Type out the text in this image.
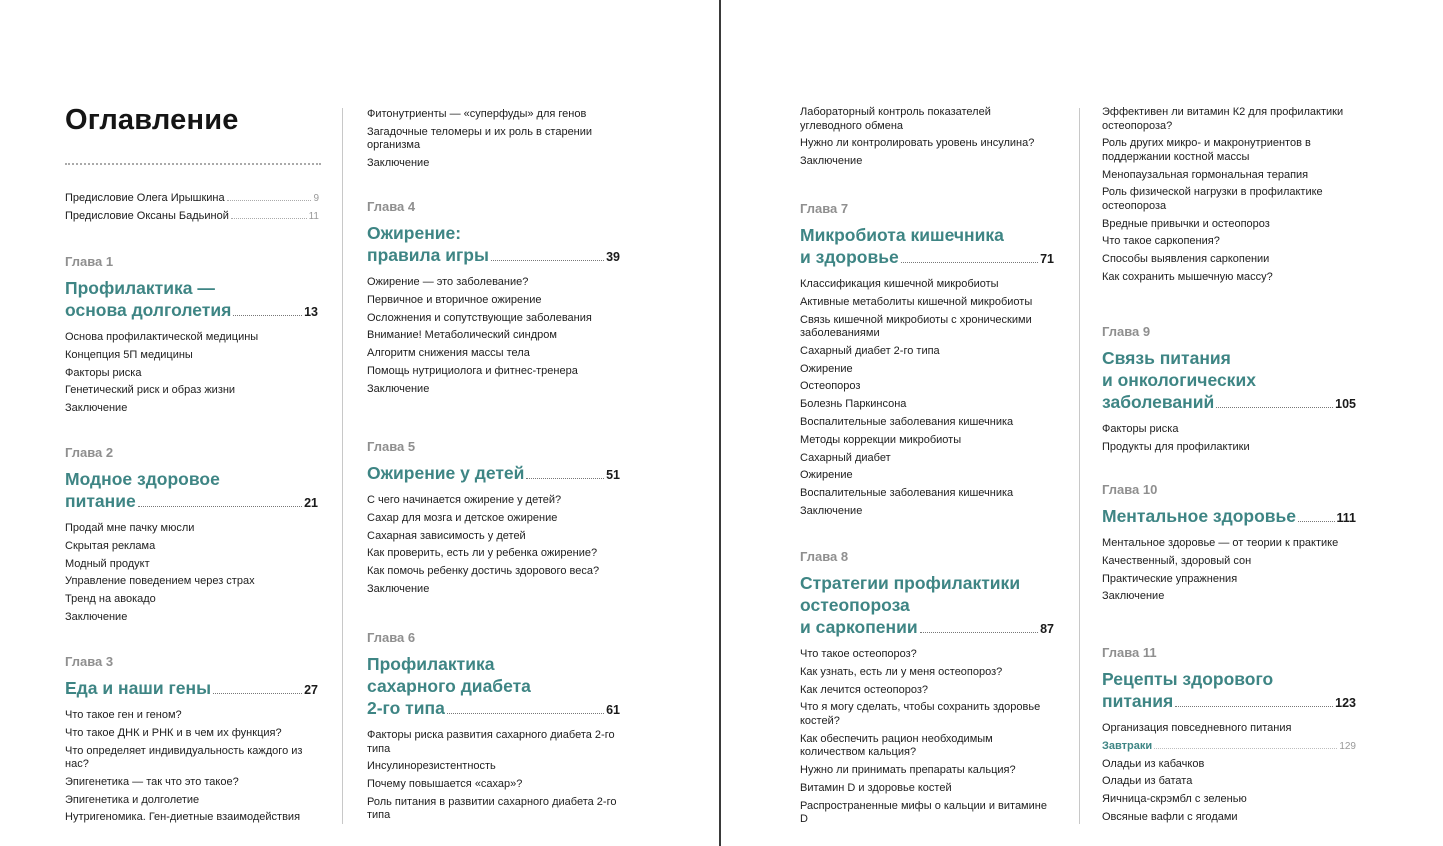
Оглавление
Предисловие Олега Ирышкина	9
Предисловие Оксаны Бадьиной	11
Глава 1
Профилактика —
основа долголетия	13
Основа профилактической медицины
Концепция 5П медицины
Факторы риска
Генетический риск и образ жизни
Заключение
Глава 2
Модное здоровое
питание	21
Продай мне пачку мюсли
Скрытая реклама
Модный продукт
Управление поведением через страх
Тренд на авокадо
Заключение
Глава 3
Еда и наши гены	27
Что такое ген и геном?
Что такое ДНК и РНК и в чем их функция?
Что определяет индивидуальность каждого из нас?
Эпигенетика — так что это такое?
Эпигенетика и долголетие
Нутригеномика. Ген-диетные взаимодействия
Фитонутриенты — «суперфуды» для генов
Загадочные теломеры и их роль в старении организма
Заключение
Глава 4
Ожирение:
правила игры	39
Ожирение — это заболевание?
Первичное и вторичное ожирение
Осложнения и сопутствующие заболевания
Внимание! Метаболический синдром
Алгоритм снижения массы тела
Помощь нутрициолога и фитнес-тренера
Заключение
Глава 5
Ожирение у детей	51
С чего начинается ожирение у детей?
Сахар для мозга и детское ожирение
Сахарная зависимость у детей
Как проверить, есть ли у ребенка ожирение?
Как помочь ребенку достичь здорового веса?
Заключение
Глава 6
Профилактика
сахарного диабета
2-го типа	61
Факторы риска развития сахарного диабета 2-го типа
Инсулинорезистентность
Почему повышается «сахар»?
Роль питания в развитии сахарного диабета 2-го типа
Лабораторный контроль показателей углеводного обмена
Нужно ли контролировать уровень инсулина?
Заключение
Глава 7
Микробиота кишечника
и здоровье	71
Классификация кишечной микробиоты
Активные метаболиты кишечной микробиоты
Связь кишечной микробиоты с хроническими заболеваниями
Сахарный диабет 2-го типа
Ожирение
Остеопороз
Болезнь Паркинсона
Воспалительные заболевания кишечника
Методы коррекции микробиоты
Сахарный диабет
Ожирение
Воспалительные заболевания кишечника
Заключение
Глава 8
Стратегии профилактики
остеопороза
и саркопении	87
Что такое остеопороз?
Как узнать, есть ли у меня остеопороз?
Как лечится остеопороз?
Что я могу сделать, чтобы сохранить здоровье костей?
Как обеспечить рацион необходимым количеством кальция?
Нужно ли принимать препараты кальция?
Витамин D и здоровье костей
Распространенные мифы о кальции и витамине D
Эффективен ли витамин К2 для профилактики остеопороза?
Роль других микро- и макронутриентов в поддержании костной массы
Менопаузальная гормональная терапия
Роль физической нагрузки в профилактике остеопороза
Вредные привычки и остеопороз
Что такое саркопения?
Способы выявления саркопении
Как сохранить мышечную массу?
Глава 9
Связь питания
и онкологических
заболеваний	105
Факторы риска
Продукты для профилактики
Глава 10
Ментальное здоровье	111
Ментальное здоровье — от теории к практике
Качественный, здоровый сон
Практические упражнения
Заключение
Глава 11
Рецепты здорового
питания	123
Организация повседневного питания
Завтраки	129
Оладьи из кабачков
Оладьи из батата
Яичница-скрэмбл с зеленью
Овсяные вафли с ягодами
